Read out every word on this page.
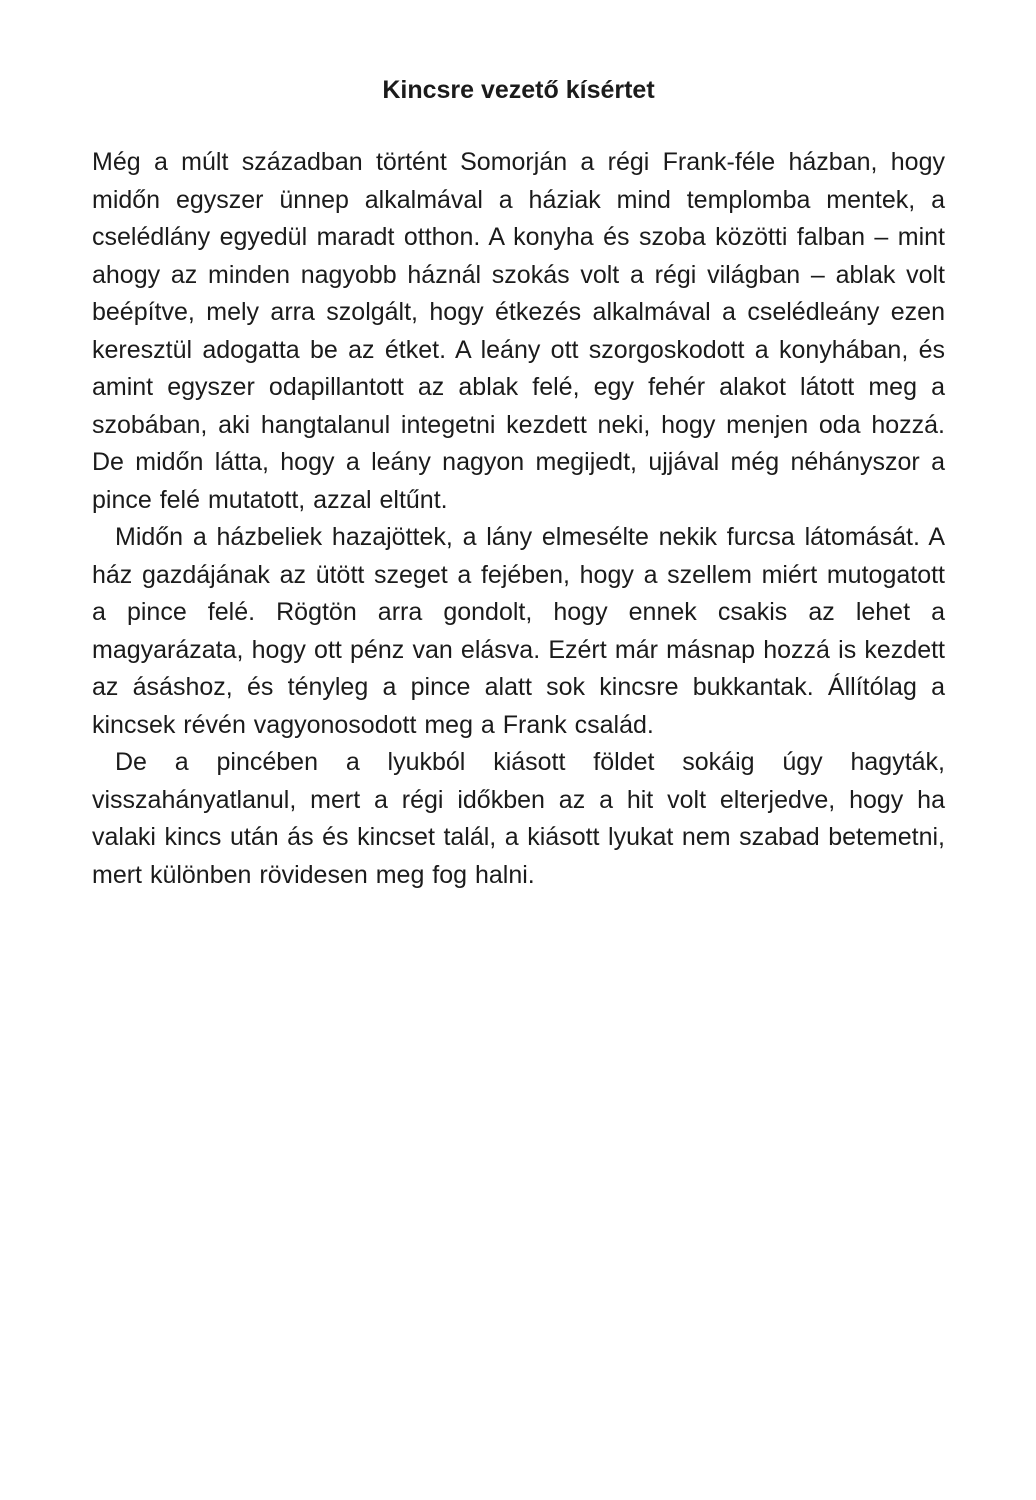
Kincsre vezető kísértet

Még a múlt században történt Somorján a régi Frank-féle házban, hogy midőn egyszer ünnep alkalmával a háziak mind templomba mentek, a cselédlány egyedül maradt otthon. A konyha és szoba közötti falban – mint ahogy az minden nagyobb háznál szokás volt a régi világban – ablak volt beépítve, mely arra szolgált, hogy étkezés alkalmával a cselédleány ezen keresztül adogatta be az étket. A leány ott szorgoskodott a konyhában, és amint egyszer odapillantott az ablak felé, egy fehér alakot látott meg a szobában, aki hangtalanul integetni kezdett neki, hogy menjen oda hozzá. De midőn látta, hogy a leány nagyon megijedt, ujjával még néhányszor a pince felé mutatott, azzal eltűnt.

Midőn a házbeliek hazajöttek, a lány elmesélte nekik furcsa látomását. A ház gazdájának az ütött szeget a fejében, hogy a szellem miért mutogatott a pince felé. Rögtön arra gondolt, hogy ennek csakis az lehet a magyarázata, hogy ott pénz van elásva. Ezért már másnap hozzá is kezdett az ásáshoz, és tényleg a pince alatt sok kincsre bukkantak. Állítólag a kincsek révén vagyonosodott meg a Frank család.

De a pincében a lyukból kiásott földet sokáig úgy hagyták, visszahányatlanul, mert a régi időkben az a hit volt elterjedve, hogy ha valaki kincs után ás és kincset talál, a kiásott lyukat nem szabad betemetni, mert különben rövidesen meg fog halni.
